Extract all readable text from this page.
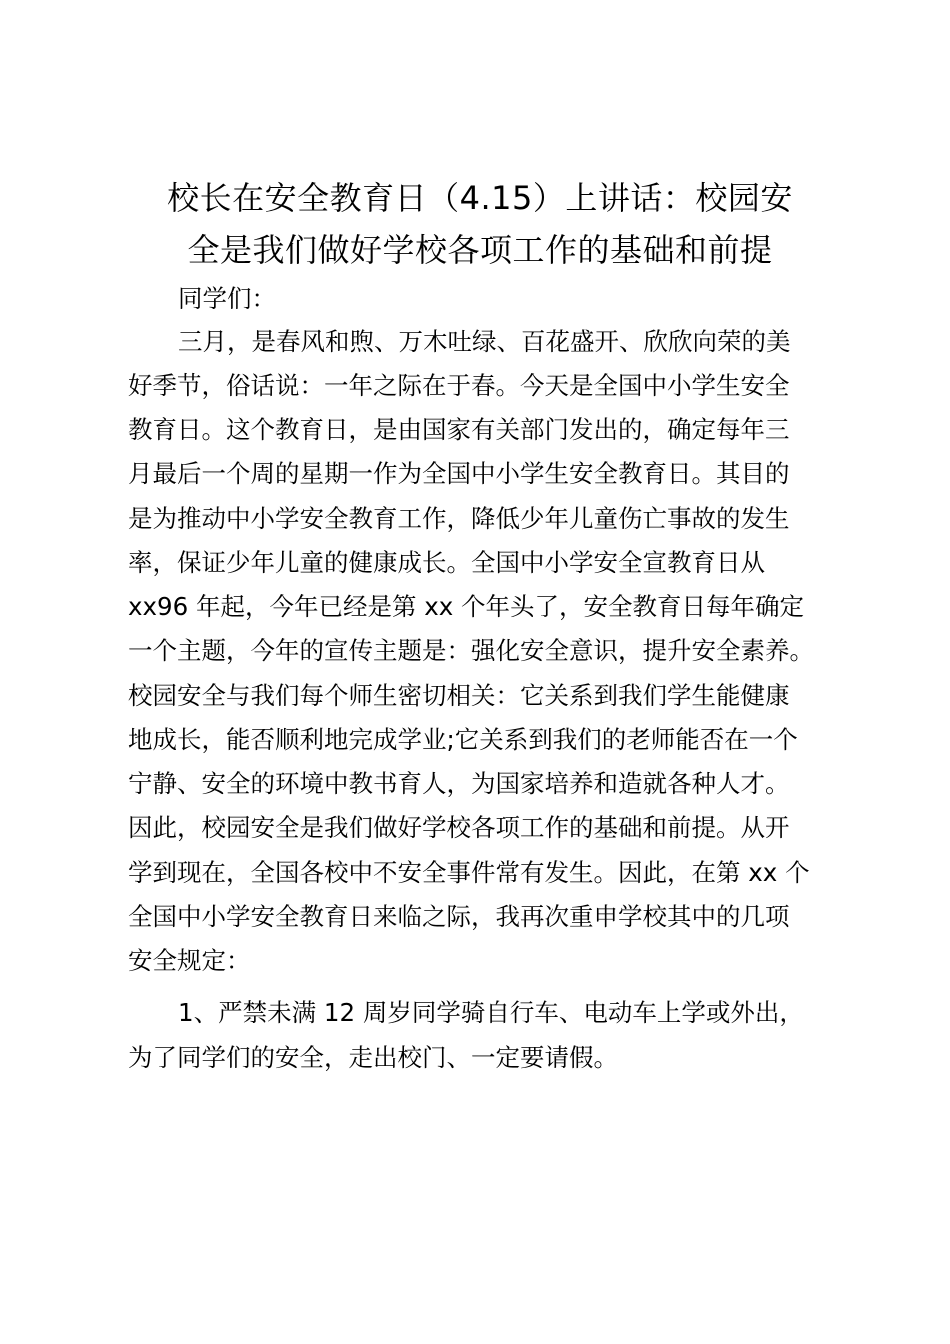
校长在安全教育日（4.15）上讲话：校园安
全是我们做好学校各项工作的基础和前提

同学们：

三月，是春风和煦、万木吐绿、百花盛开、欣欣向荣的美

好季节，俗话说：一年之际在于春。今天是全国中小学生安全

教育日。这个教育日，是由国家有关部门发出的，确定每年三

月最后一个周的星期一作为全国中小学生安全教育日。其目的

是为推动中小学安全教育工作，降低少年儿童伤亡事故的发生

率，保证少年儿童的健康成长。全国中小学安全宣教育日从

xx96 年起，今年已经是第 xx 个年头了，安全教育日每年确定

一个主题，今年的宣传主题是：强化安全意识，提升安全素养。

校园安全与我们每个师生密切相关：它关系到我们学生能健康

地成长，能否顺利地完成学业;它关系到我们的老师能否在一个

宁静、安全的环境中教书育人，为国家培养和造就各种人才。

因此，校园安全是我们做好学校各项工作的基础和前提。从开

学到现在，全国各校中不安全事件常有发生。因此，在第 xx 个

全国中小学安全教育日来临之际，我再次重申学校其中的几项

安全规定：

1、严禁未满 12 周岁同学骑自行车、电动车上学或外出，

为了同学们的安全，走出校门、一定要请假。
